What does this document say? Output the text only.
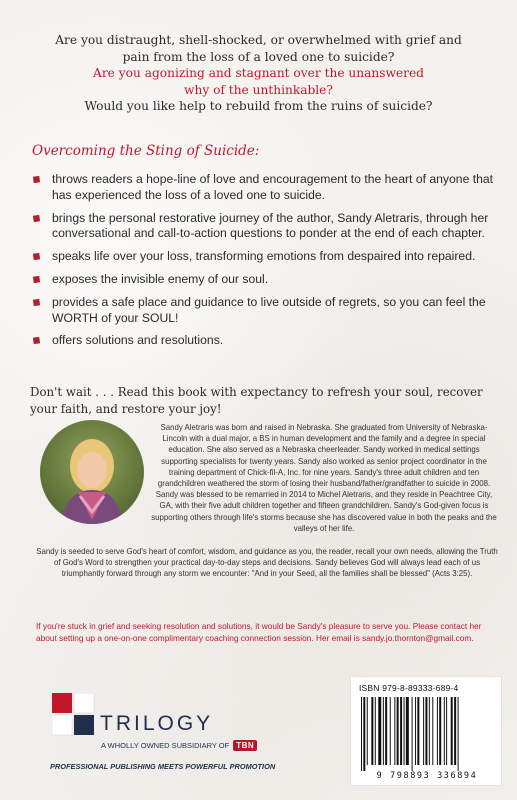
Are you distraught, shell-shocked, or overwhelmed with grief and

pain from the loss of a loved one to suicide?

Are you agonizing and stagnant over the unanswered

why of the unthinkable?

Would you like help to rebuild from the ruins of suicide?

Overcoming the Sting of Suicide:
throws readers a hope-line of love and encouragement to the heart of anyone that has experienced the loss of a loved one to suicide.
brings the personal restorative journey of the author, Sandy Aletraris, through her conversational and call-to-action questions to ponder at the end of each chapter.
speaks life over your loss, transforming emotions from despaired into repaired.
exposes the invisible enemy of our soul.
provides a safe place and guidance to live outside of regrets, so you can feel the WORTH of your SOUL!
offers solutions and resolutions.
Don't wait . . . Read this book with expectancy to refresh your soul, recover your faith, and restore your joy!
Sandy Aletraris was born and raised in Nebraska. She graduated from University of Nebraska-Lincoln with a dual major, a BS in human development and the family and a degree in special education. She also served as a Nebraska cheerleader. Sandy worked in medical settings supporting specialists for twenty years. Sandy also worked as senior project coordinator in the training department of Chick-fil-A, Inc. for nine years. Sandy's three adult children and ten grandchildren weathered the storm of losing their husband/father/grandfather to suicide in 2008. Sandy was blessed to be remarried in 2014 to Michel Aletraris, and they reside in Peachtree City, GA, with their five adult children together and fifteen grandchildren. Sandy's God-given focus is supporting others through life's storms because she has discovered value in both the peaks and the valleys of her life.
Sandy is seeded to serve God's heart of comfort, wisdom, and guidance as you, the reader, recall your own needs, allowing the Truth of God's Word to strengthen your practical day-to-day steps and decisions. Sandy believes God will always lead each of us triumphantly forward through any storm we encounter: "And in your Seed, all the families shall be blessed" (Acts 3:25).
If you're stuck in grief and seeking resolution and solutions, it would be Sandy's pleasure to serve you. Please contact her about setting up a one-on-one complimentary coaching connection session. Her email is sandy.jo.thornton@gmail.com.
TRILOGY
A WHOLLY OWNED SUBSIDIARY OF TBN
PROFESSIONAL PUBLISHING MEETS POWERFUL PROMOTION
ISBN 979-8-89333-689-4
9 798893 336894
